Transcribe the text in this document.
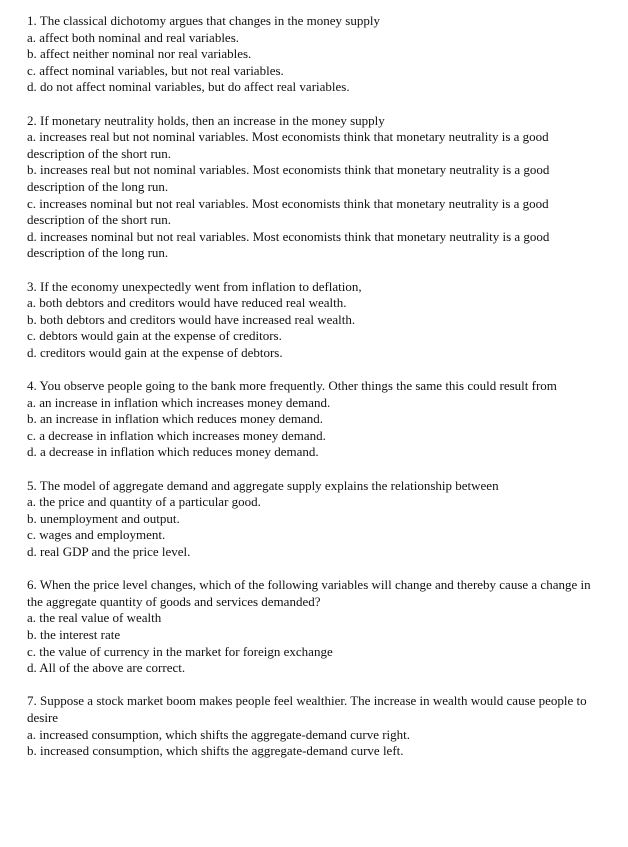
1. The classical dichotomy argues that changes in the money supply
a. affect both nominal and real variables.
b. affect neither nominal nor real variables.
c. affect nominal variables, but not real variables.
d. do not affect nominal variables, but do affect real variables.
2. If monetary neutrality holds, then an increase in the money supply
a. increases real but not nominal variables. Most economists think that monetary neutrality is a good description of the short run.
b. increases real but not nominal variables. Most economists think that monetary neutrality is a good description of the long run.
c. increases nominal but not real variables. Most economists think that monetary neutrality is a good description of the short run.
d. increases nominal but not real variables. Most economists think that monetary neutrality is a good description of the long run.
3. If the economy unexpectedly went from inflation to deflation,
a. both debtors and creditors would have reduced real wealth.
b. both debtors and creditors would have increased real wealth.
c. debtors would gain at the expense of creditors.
d. creditors would gain at the expense of debtors.
4. You observe people going to the bank more frequently. Other things the same this could result from
a. an increase in inflation which increases money demand.
b. an increase in inflation which reduces money demand.
c. a decrease in inflation which increases money demand.
d. a decrease in inflation which reduces money demand.
5. The model of aggregate demand and aggregate supply explains the relationship between
a. the price and quantity of a particular good.
b. unemployment and output.
c. wages and employment.
d. real GDP and the price level.
6. When the price level changes, which of the following variables will change and thereby cause a change in the aggregate quantity of goods and services demanded?
a. the real value of wealth
b. the interest rate
c. the value of currency in the market for foreign exchange
d. All of the above are correct.
7. Suppose a stock market boom makes people feel wealthier. The increase in wealth would cause people to desire
a. increased consumption, which shifts the aggregate-demand curve right.
b. increased consumption, which shifts the aggregate-demand curve left.
